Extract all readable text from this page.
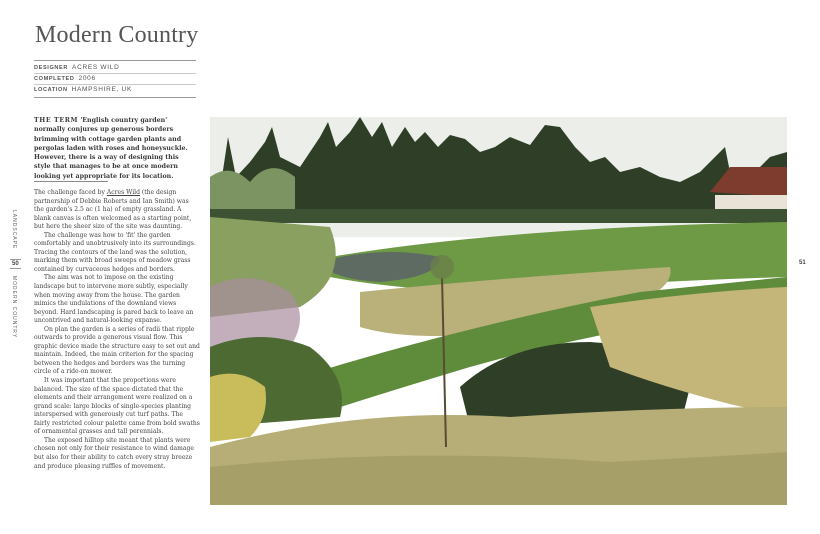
Modern Country
DESIGNER ACRES WILD
COMPLETED 2006
LOCATION HAMPSHIRE, UK

THE TERM 'English country garden' normally conjures up generous borders brimming with cottage garden plants and pergolas laden with roses and honeysuckle. However, there is a way of designing this style that manages to be at once modern looking yet appropriate for its location.

The challenge faced by Acres Wild (the design partnership of Debbie Roberts and Ian Smith) was the garden's 2.5 ac (1 ha) of empty grassland. A blank canvas is often welcomed as a starting point, but here the sheer size of the site was daunting.

The challenge was how to 'fit' the garden comfortably and unobtrusively into its surroundings. Tracing the contours of the land was the solution, marking them with broad sweeps of meadow grass contained by curvaceous hedges and borders.

The aim was not to impose on the existing landscape but to intervene more subtly, especially when moving away from the house. The garden mimics the undulations of the downland views beyond. Hard landscaping is pared back to leave an uncontrived and natural-looking expanse.

On plan the garden is a series of radii that ripple outwards to provide a generous visual flow. This graphic device made the structure easy to set out and maintain. Indeed, the main criterion for the spacing between the hedges and borders was the turning circle of a ride-on mower.

It was important that the proportions were balanced. The size of the space dictated that the elements and their arrangement were realized on a grand scale: large blocks of single-species planting interspersed with generously cut turf paths. The fairly restricted colour palette came from bold swaths of ornamental grasses and tall perennials.

The exposed hilltop site meant that plants were chosen not only for their resistance to wind damage but also for their ability to catch every stray breeze and produce pleasing ruffles of movement.

LANDSCAPE
MODERN COUNTRY
50	51
